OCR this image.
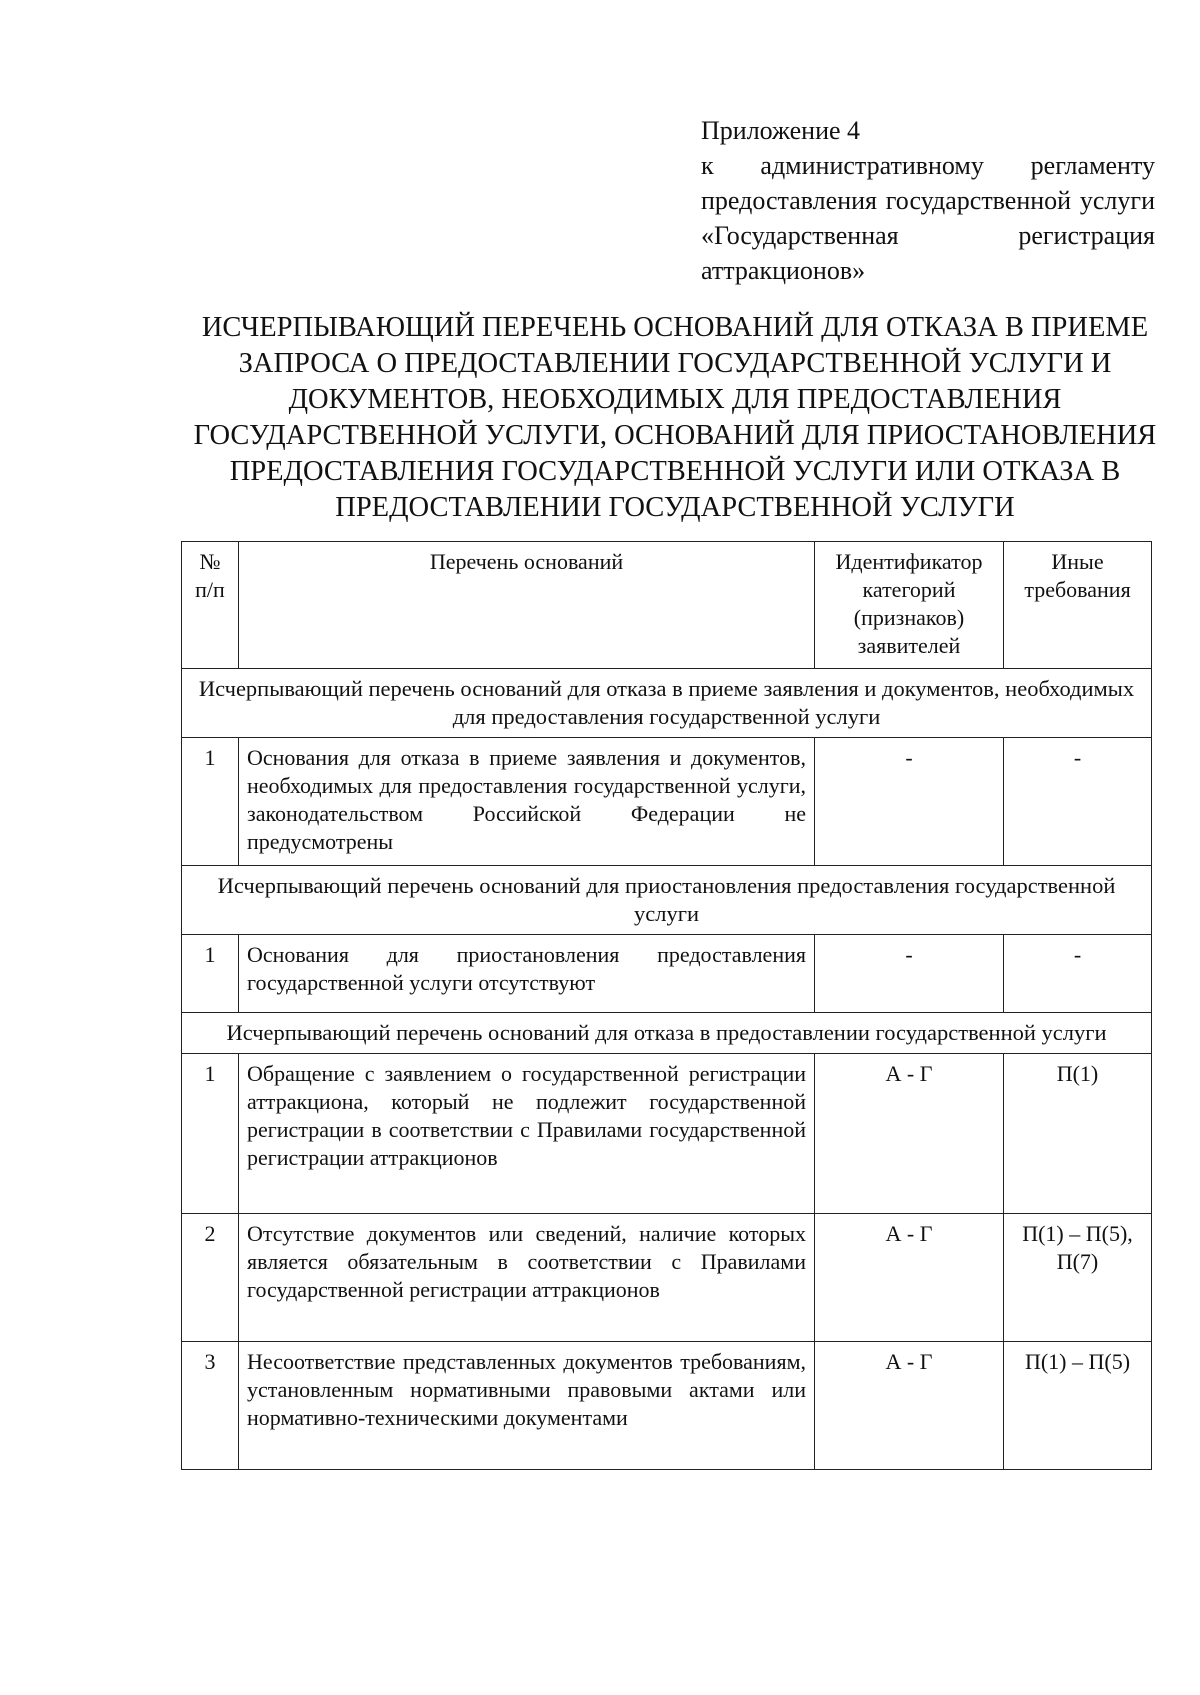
Приложение 4
к административному регламенту предоставления государственной услуги «Государственная регистрация аттракционов»
ИСЧЕРПЫВАЮЩИЙ ПЕРЕЧЕНЬ ОСНОВАНИЙ ДЛЯ ОТКАЗА В ПРИЕМЕ ЗАПРОСА О ПРЕДОСТАВЛЕНИИ ГОСУДАРСТВЕННОЙ УСЛУГИ И ДОКУМЕНТОВ, НЕОБХОДИМЫХ ДЛЯ ПРЕДОСТАВЛЕНИЯ ГОСУДАРСТВЕННОЙ УСЛУГИ, ОСНОВАНИЙ ДЛЯ ПРИОСТАНОВЛЕНИЯ ПРЕДОСТАВЛЕНИЯ ГОСУДАРСТВЕННОЙ УСЛУГИ ИЛИ ОТКАЗА В ПРЕДОСТАВЛЕНИИ ГОСУДАРСТВЕННОЙ УСЛУГИ
№
п/п	Перечень оснований	Идентификатор категорий (признаков) заявителей	Иные требования
Исчерпывающий перечень оснований для отказа в приеме заявления и документов, необходимых для предоставления государственной услуги			
1	Основания для отказа в приеме заявления и документов, необходимых для предоставления государственной услуги, законодательством Российской Федерации не предусмотрены	-	-
Исчерпывающий перечень оснований для приостановления предоставления государственной услуги			
1	Основания для приостановления предоставления государственной услуги отсутствуют	-	-
Исчерпывающий перечень оснований для отказа в предоставлении государственной услуги			
1	Обращение с заявлением о государственной регистрации аттракциона, который не подлежит государственной регистрации в соответствии с Правилами государственной регистрации аттракционов	А - Г	П(1)
2	Отсутствие документов или сведений, наличие которых является обязательным в соответствии с Правилами государственной регистрации аттракционов	А - Г	П(1) – П(5), П(7)
3	Несоответствие представленных документов требованиям, установленным нормативными правовыми актами или нормативно-техническими документами	А - Г	П(1) – П(5)
